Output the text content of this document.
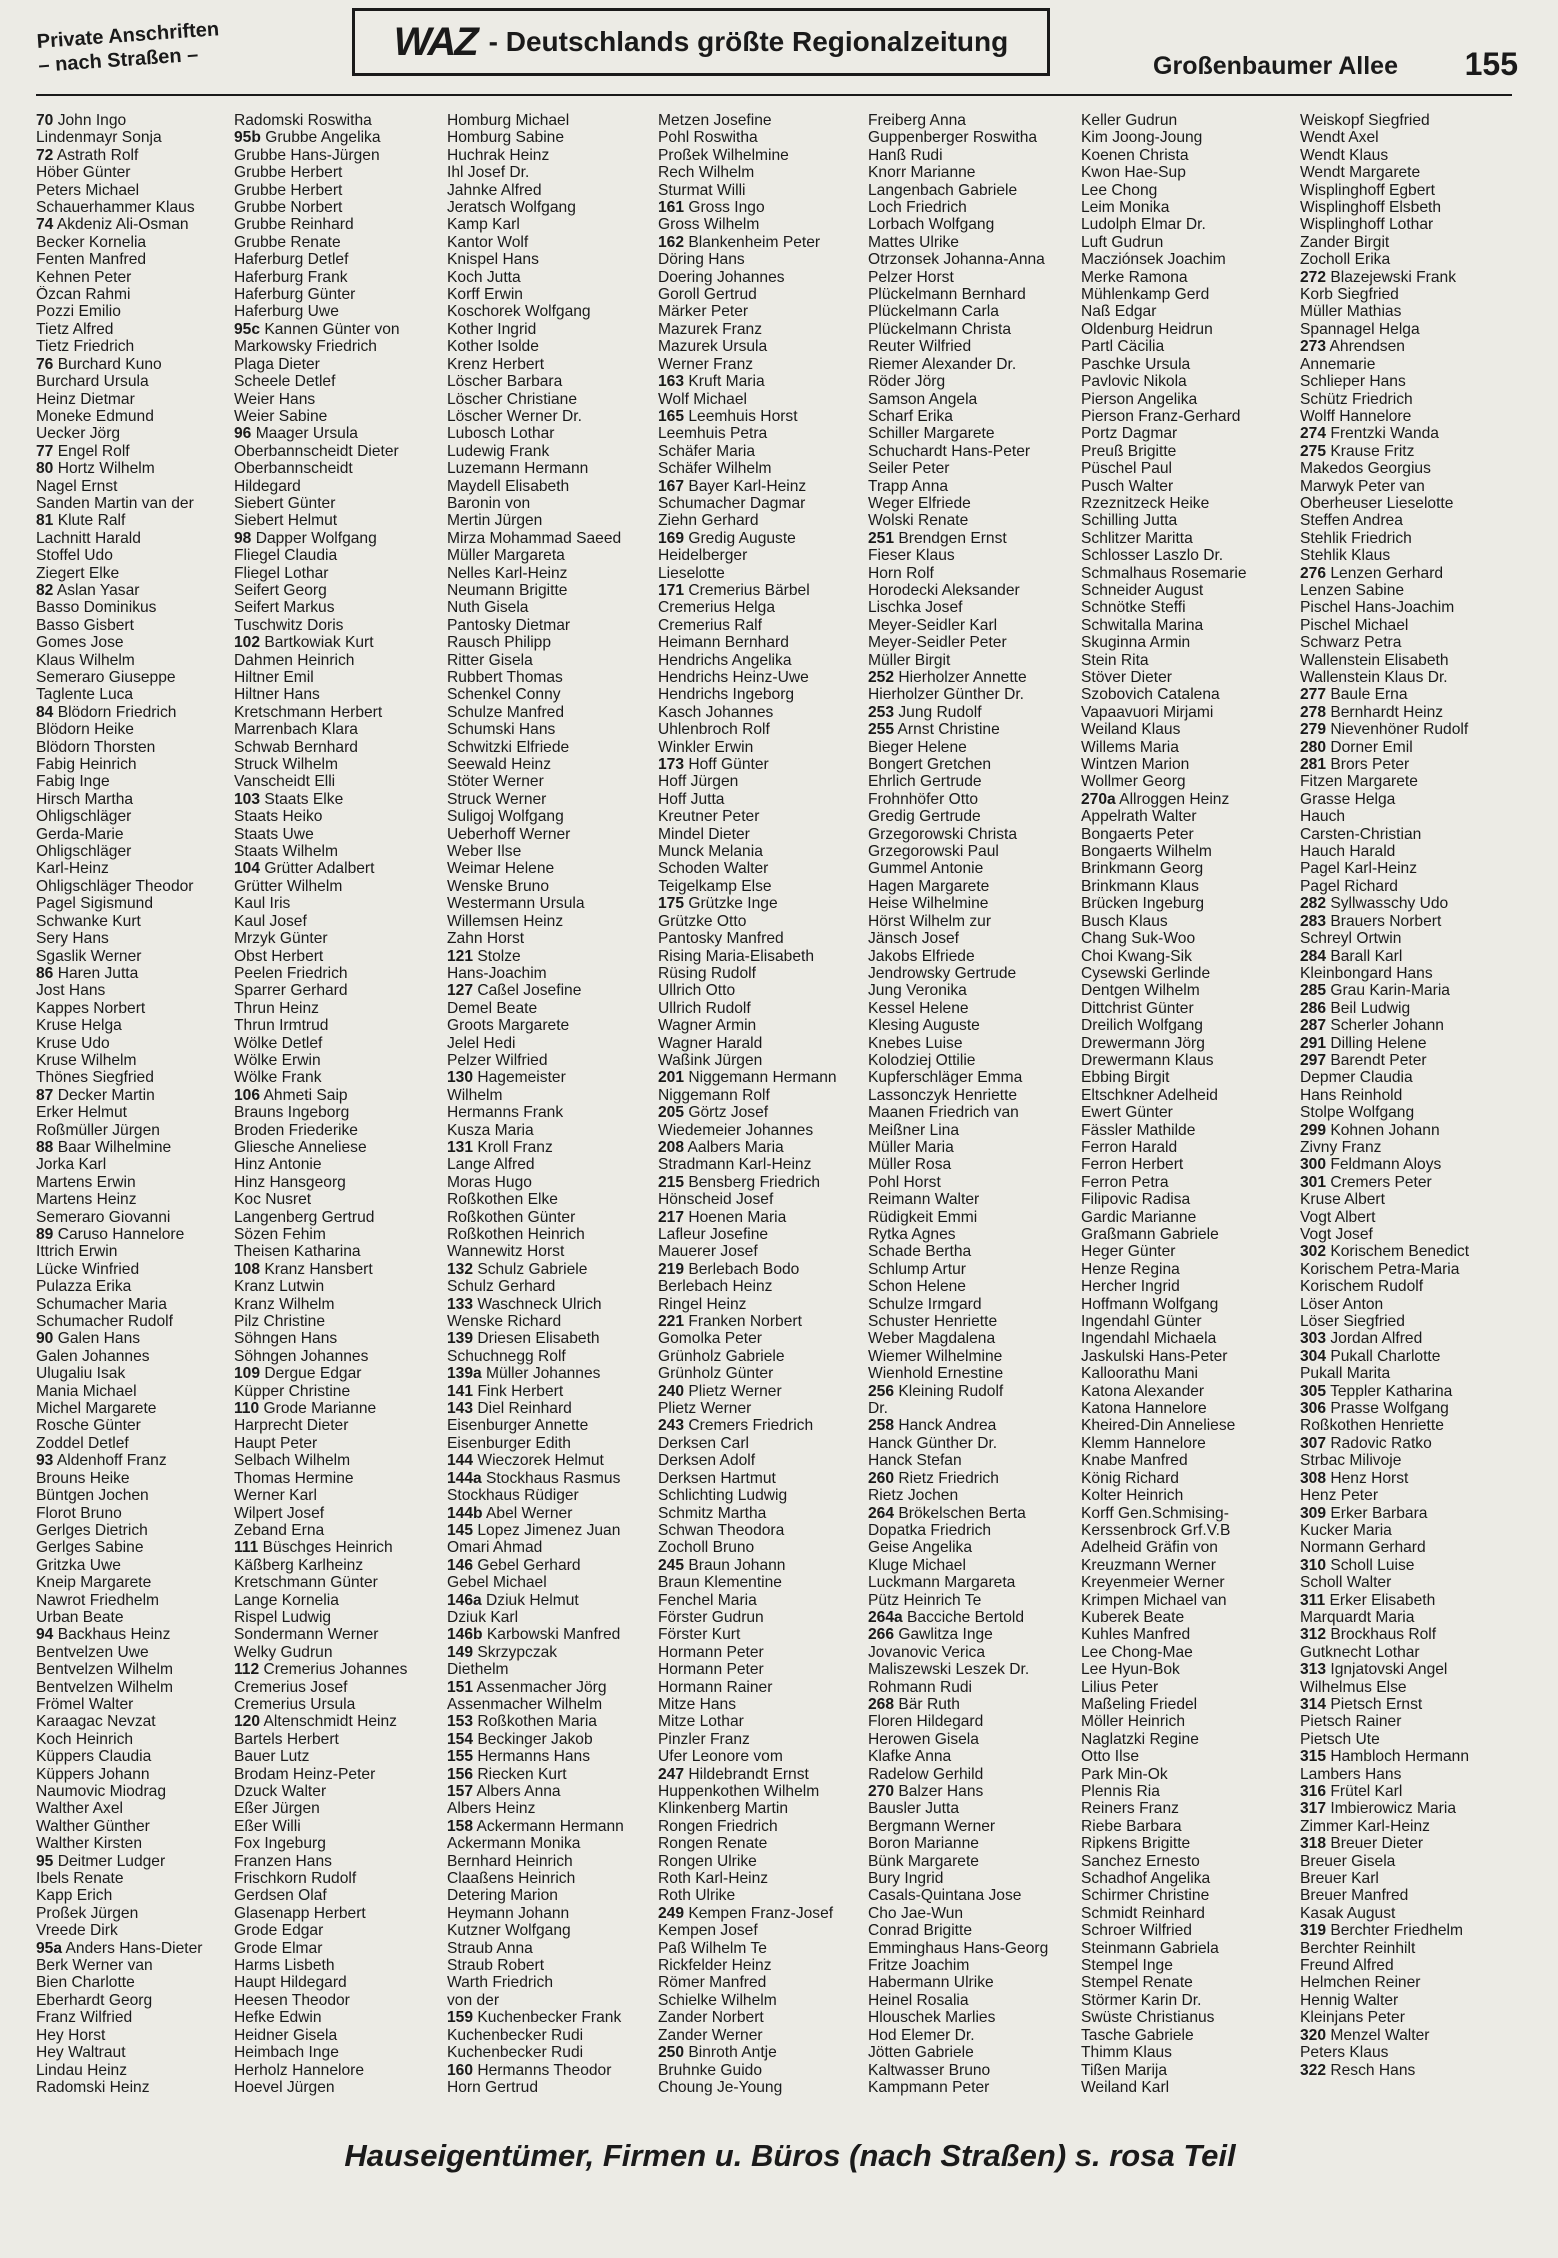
Private Anschriften
– nach Straßen –	WAZ - Deutschlands größte Regionalzeitung
Großenbaumer Allee 155
70 John Ingo
Lindenmayr Sonja
72 Astrath Rolf
Höber Günter
Peters Michael
Schauerhammer Klaus
74 Akdeniz Ali-Osman
Becker Kornelia
Fenten Manfred
Kehnen Peter
Özcan Rahmi
Pozzi Emilio
Tietz Alfred
Tietz Friedrich
76 Burchard Kuno
Burchard Ursula
Heinz Dietmar
Moneke Edmund
Uecker Jörg
77 Engel Rolf
80 Hortz Wilhelm
Nagel Ernst
Sanden Martin van der
81 Klute Ralf
Lachnitt Harald
Stoffel Udo
Ziegert Elke
82 Aslan Yasar
Basso Dominikus
Basso Gisbert
Gomes Jose
Klaus Wilhelm
Semeraro Giuseppe
Taglente Luca
84 Blödorn Friedrich
Blödorn Heike
Blödorn Thorsten
Fabig Heinrich
Fabig Inge
Hirsch Martha
Ohligschläger
Gerda-Marie
Ohligschläger
Karl-Heinz
Ohligschläger Theodor
Pagel Sigismund
Schwanke Kurt
Sery Hans
Sgaslik Werner
86 Haren Jutta
Jost Hans
Kappes Norbert
Kruse Helga
Kruse Udo
Kruse Wilhelm
Thönes Siegfried
87 Decker Martin
Erker Helmut
Roßmüller Jürgen
88 Baar Wilhelmine
Jorka Karl
Martens Erwin
Martens Heinz
Semeraro Giovanni
89 Caruso Hannelore
Ittrich Erwin
Lücke Winfried
Pulazza Erika
Schumacher Maria
Schumacher Rudolf
90 Galen Hans
Galen Johannes
Ulugaliu Isak
Mania Michael
Michel Margarete
Rosche Günter
Zoddel Detlef
93 Aldenhoff Franz
Brouns Heike
Büntgen Jochen
Florot Bruno
Gerlges Dietrich
Gerlges Sabine
Gritzka Uwe
Kneip Margarete
Nawrot Friedhelm
Urban Beate
94 Backhaus Heinz
Bentvelzen Uwe
Bentvelzen Wilhelm
Bentvelzen Wilhelm
Frömel Walter
Karaagac Nevzat
Koch Heinrich
Küppers Claudia
Küppers Johann
Naumovic Miodrag
Walther Axel
Walther Günther
Walther Kirsten
95 Deitmer Ludger
Ibels Renate
Kapp Erich
Proßek Jürgen
Vreede Dirk
95a Anders Hans-Dieter
Berk Werner van
Bien Charlotte
Eberhardt Georg
Franz Wilfried
Hey Horst
Hey Waltraut
Lindau Heinz
Radomski Heinz
Radomski Roswitha
95b Grubbe Angelika
Grubbe Hans-Jürgen
Grubbe Herbert
Grubbe Herbert
Grubbe Norbert
Grubbe Reinhard
Grubbe Renate
Haferburg Detlef
Haferburg Frank
Haferburg Günter
Haferburg Uwe
95c Kannen Günter von
Markowsky Friedrich
Plaga Dieter
Scheele Detlef
Weier Hans
Weier Sabine
96 Maager Ursula
Oberbannscheidt Dieter
Oberbannscheidt
Hildegard
Siebert Günter
Siebert Helmut
98 Dapper Wolfgang
Fliegel Claudia
Fliegel Lothar
Seifert Georg
Seifert Markus
Tuschwitz Doris
102 Bartkowiak Kurt
Dahmen Heinrich
Hiltner Emil
Hiltner Hans
Kretschmann Herbert
Marrenbach Klara
Schwab Bernhard
Struck Wilhelm
Vanscheidt Elli
103 Staats Elke
Staats Heiko
Staats Uwe
Staats Wilhelm
104 Grütter Adalbert
Grütter Wilhelm
Kaul Iris
Kaul Josef
Mrzyk Günter
Obst Herbert
Peelen Friedrich
Sparrer Gerhard
Thrun Heinz
Thrun Irmtrud
Wölke Detlef
Wölke Erwin
Wölke Frank
106 Ahmeti Saip
Brauns Ingeborg
Broden Friederike
Gliesche Anneliese
Hinz Antonie
Hinz Hansgeorg
Koc Nusret
Langenberg Gertrud
Sözen Fehim
Theisen Katharina
108 Kranz Hansbert
Kranz Lutwin
Kranz Wilhelm
Pilz Christine
Söhngen Hans
Söhngen Johannes
109 Dergue Edgar
Küpper Christine
110 Grode Marianne
Harprecht Dieter
Haupt Peter
Selbach Wilhelm
Thomas Hermine
Werner Karl
Wilpert Josef
Zeband Erna
111 Büschges Heinrich
Käßberg Karlheinz
Kretschmann Günter
Lange Kornelia
Rispel Ludwig
Sondermann Werner
Welky Gudrun
112 Cremerius Johannes
Cremerius Josef
Cremerius Ursula
120 Altenschmidt Heinz
Bartels Herbert
Bauer Lutz
Brodam Heinz-Peter
Dzuck Walter
Eßer Jürgen
Eßer Willi
Fox Ingeburg
Franzen Hans
Frischkorn Rudolf
Gerdsen Olaf
Glasenapp Herbert
Grode Edgar
Grode Elmar
Harms Lisbeth
Haupt Hildegard
Heesen Theodor
Hefke Edwin
Heidner Gisela
Heimbach Inge
Herholz Hannelore
Hoevel Jürgen
Homburg Michael
Homburg Sabine
Huchrak Heinz
Ihl Josef Dr.
Jahnke Alfred
Jeratsch Wolfgang
Kamp Karl
Kantor Wolf
Knispel Hans
Koch Jutta
Korff Erwin
Koschorek Wolfgang
Kother Ingrid
Kother Isolde
Krenz Herbert
Löscher Barbara
Löscher Christiane
Löscher Werner Dr.
Lubosch Lothar
Ludewig Frank
Luzemann Hermann
Maydell Elisabeth
Baronin von
Mertin Jürgen
Mirza Mohammad Saeed
Müller Margareta
Nelles Karl-Heinz
Neumann Brigitte
Nuth Gisela
Pantosky Dietmar
Rausch Philipp
Ritter Gisela
Rubbert Thomas
Schenkel Conny
Schulze Manfred
Schumski Hans
Schwitzki Elfriede
Seewald Heinz
Stöter Werner
Struck Werner
Suligoj Wolfgang
Ueberhoff Werner
Weber Ilse
Weimar Helene
Wenske Bruno
Westermann Ursula
Willemsen Heinz
Zahn Horst
121 Stolze
Hans-Joachim
127 Caßel Josefine
Demel Beate
Groots Margarete
Jelel Hedi
Pelzer Wilfried
130 Hagemeister
Wilhelm
Hermanns Frank
Kusza Maria
131 Kroll Franz
Lange Alfred
Moras Hugo
Roßkothen Elke
Roßkothen Günter
Roßkothen Heinrich
Wannewitz Horst
132 Schulz Gabriele
Schulz Gerhard
133 Waschneck Ulrich
Wenske Richard
139 Driesen Elisabeth
Schuchnegg Rolf
139a Müller Johannes
141 Fink Herbert
143 Diel Reinhard
Eisenburger Annette
Eisenburger Edith
144 Wieczorek Helmut
144a Stockhaus Rasmus
Stockhaus Rüdiger
144b Abel Werner
145 Lopez Jimenez Juan
Omari Ahmad
146 Gebel Gerhard
Gebel Michael
146a Dziuk Helmut
Dziuk Karl
146b Karbowski Manfred
149 Skrzypczak
Diethelm
151 Assenmacher Jörg
Assenmacher Wilhelm
153 Roßkothen Maria
154 Beckinger Jakob
155 Hermanns Hans
156 Riecken Kurt
157 Albers Anna
Albers Heinz
158 Ackermann Hermann
Ackermann Monika
Bernhard Heinrich
Claaßens Heinrich
Detering Marion
Heymann Johann
Kutzner Wolfgang
Straub Anna
Straub Robert
Warth Friedrich
von der
159 Kuchenbecker Frank
Kuchenbecker Rudi
Kuchenbecker Rudi
160 Hermanns Theodor
Horn Gertrud
Metzen Josefine
Pohl Roswitha
Proßek Wilhelmine
Rech Wilhelm
Sturmat Willi
161 Gross Ingo
Gross Wilhelm
162 Blankenheim Peter
Döring Hans
Doering Johannes
Goroll Gertrud
Märker Peter
Mazurek Franz
Mazurek Ursula
Werner Franz
163 Kruft Maria
Wolf Michael
165 Leemhuis Horst
Leemhuis Petra
Schäfer Maria
Schäfer Wilhelm
167 Bayer Karl-Heinz
Schumacher Dagmar
Ziehn Gerhard
169 Gredig Auguste
Heidelberger
Lieselotte
171 Cremerius Bärbel
Cremerius Helga
Cremerius Ralf
Heimann Bernhard
Hendrichs Angelika
Hendrichs Heinz-Uwe
Hendrichs Ingeborg
Kasch Johannes
Uhlenbroch Rolf
Winkler Erwin
173 Hoff Günter
Hoff Jürgen
Hoff Jutta
Kreutner Peter
Mindel Dieter
Munck Melania
Schoden Walter
Teigelkamp Else
175 Grützke Inge
Grützke Otto
Pantosky Manfred
Rising Maria-Elisabeth
Rüsing Rudolf
Ullrich Otto
Ullrich Rudolf
Wagner Armin
Wagner Harald
Waßink Jürgen
201 Niggemann Hermann
Niggemann Rolf
205 Görtz Josef
Wiedemeier Johannes
208 Aalbers Maria
Stradmann Karl-Heinz
215 Bensberg Friedrich
Hönscheid Josef
217 Hoenen Maria
Lafleur Josefine
Mauerer Josef
219 Berlebach Bodo
Berlebach Heinz
Ringel Heinz
221 Franken Norbert
Gomolka Peter
Grünholz Gabriele
Grünholz Günter
240 Plietz Werner
Plietz Werner
243 Cremers Friedrich
Derksen Carl
Derksen Adolf
Derksen Hartmut
Schlichting Ludwig
Schmitz Martha
Schwan Theodora
Zocholl Bruno
245 Braun Johann
Braun Klementine
Fenchel Maria
Förster Gudrun
Förster Kurt
Hormann Peter
Hormann Peter
Hormann Rainer
Mitze Hans
Mitze Lothar
Pinzler Franz
Ufer Leonore vom
247 Hildebrandt Ernst
Huppenkothen Wilhelm
Klinkenberg Martin
Rongen Friedrich
Rongen Renate
Rongen Ulrike
Roth Karl-Heinz
Roth Ulrike
249 Kempen Franz-Josef
Kempen Josef
Paß Wilhelm Te
Rickfelder Heinz
Römer Manfred
Schielke Wilhelm
Zander Norbert
Zander Werner
250 Binroth Antje
Bruhnke Guido
Choung Je-Young
Freiberg Anna
Guppenberger Roswitha
Hanß Rudi
Knorr Marianne
Langenbach Gabriele
Loch Friedrich
Lorbach Wolfgang
Mattes Ulrike
Otrzonsek Johanna-Anna
Pelzer Horst
Plückelmann Bernhard
Plückelmann Carla
Plückelmann Christa
Reuter Wilfried
Riemer Alexander Dr.
Röder Jörg
Samson Angela
Scharf Erika
Schiller Margarete
Schuchardt Hans-Peter
Seiler Peter
Trapp Anna
Weger Elfriede
Wolski Renate
251 Brendgen Ernst
Fieser Klaus
Horn Rolf
Horodecki Aleksander
Lischka Josef
Meyer-Seidler Karl
Meyer-Seidler Peter
Müller Birgit
252 Hierholzer Annette
Hierholzer Günther Dr.
253 Jung Rudolf
255 Arnst Christine
Bieger Helene
Bongert Gretchen
Ehrlich Gertrude
Frohnhöfer Otto
Gredig Gertrude
Grzegorowski Christa
Grzegorowski Paul
Gummel Antonie
Hagen Margarete
Heise Wilhelmine
Hörst Wilhelm zur
Jänsch Josef
Jakobs Elfriede
Jendrowsky Gertrude
Jung Veronika
Kessel Helene
Klesing Auguste
Knebes Luise
Kolodziej Ottilie
Kupferschläger Emma
Lassonczyk Henriette
Maanen Friedrich van
Meißner Lina
Müller Maria
Müller Rosa
Pohl Horst
Reimann Walter
Rüdigkeit Emmi
Rytka Agnes
Schade Bertha
Schlump Artur
Schon Helene
Schulze Irmgard
Schuster Henriette
Weber Magdalena
Wiemer Wilhelmine
Wienhold Ernestine
256 Kleining Rudolf
Dr.
258 Hanck Andrea
Hanck Günther Dr.
Hanck Stefan
260 Rietz Friedrich
Rietz Jochen
264 Brökelschen Berta
Dopatka Friedrich
Geise Angelika
Kluge Michael
Luckmann Margareta
Pütz Heinrich Te
264a Bacciche Bertold
266 Gawlitza Inge
Jovanovic Verica
Maliszewski Leszek Dr.
Rohmann Rudi
268 Bär Ruth
Floren Hildegard
Herowen Gisela
Klafke Anna
Radelow Gerhild
270 Balzer Hans
Bausler Jutta
Bergmann Werner
Boron Marianne
Bünk Margarete
Bury Ingrid
Casals-Quintana Jose
Cho Jae-Wun
Conrad Brigitte
Emminghaus Hans-Georg
Fritze Joachim
Habermann Ulrike
Heinel Rosalia
Hlouschek Marlies
Hod Elemer Dr.
Jötten Gabriele
Kaltwasser Bruno
Kampmann Peter
Keller Gudrun
Kim Joong-Joung
Koenen Christa
Kwon Hae-Sup
Lee Chong
Leim Monika
Ludolph Elmar Dr.
Luft Gudrun
Macziónsek Joachim
Merke Ramona
Mühlenkamp Gerd
Naß Edgar
Oldenburg Heidrun
Partl Cäcilia
Paschke Ursula
Pavlovic Nikola
Pierson Angelika
Pierson Franz-Gerhard
Portz Dagmar
Preuß Brigitte
Püschel Paul
Pusch Walter
Rzeznitzeck Heike
Schilling Jutta
Schlitzer Maritta
Schlosser Laszlo Dr.
Schmalhaus Rosemarie
Schneider August
Schnötke Steffi
Schwitalla Marina
Skuginna Armin
Stein Rita
Stöver Dieter
Szobovich Catalena
Vapaavuori Mirjami
Weiland Klaus
Willems Maria
Wintzen Marion
Wollmer Georg
270a Allroggen Heinz
Appelrath Walter
Bongaerts Peter
Bongaerts Wilhelm
Brinkmann Georg
Brinkmann Klaus
Brücken Ingeburg
Busch Klaus
Chang Suk-Woo
Choi Kwang-Sik
Cysewski Gerlinde
Dentgen Wilhelm
Dittchrist Günter
Dreilich Wolfgang
Drewermann Jörg
Drewermann Klaus
Ebbing Birgit
Eltschkner Adelheid
Ewert Günter
Fässler Mathilde
Ferron Harald
Ferron Herbert
Ferron Petra
Filipovic Radisa
Gardic Marianne
Graßmann Gabriele
Heger Günter
Henze Regina
Hercher Ingrid
Hoffmann Wolfgang
Ingendahl Günter
Ingendahl Michaela
Jaskulski Hans-Peter
Kalloorathu Mani
Katona Alexander
Katona Hannelore
Kheired-Din Anneliese
Klemm Hannelore
Knabe Manfred
König Richard
Kolter Heinrich
Korff Gen.Schmising-
Kerssenbrock Grf.V.B
Adelheid Gräfin von
Kreuzmann Werner
Kreyenmeier Werner
Krimpen Michael van
Kuberek Beate
Kuhles Manfred
Lee Chong-Mae
Lee Hyun-Bok
Lilius Peter
Maßeling Friedel
Möller Heinrich
Naglatzki Regine
Otto Ilse
Park Min-Ok
Plennis Ria
Reiners Franz
Riebe Barbara
Ripkens Brigitte
Sanchez Ernesto
Schadhof Angelika
Schirmer Christine
Schmidt Reinhard
Schroer Wilfried
Steinmann Gabriela
Stempel Inge
Stempel Renate
Störmer Karin Dr.
Swüste Christianus
Tasche Gabriele
Thimm Klaus
Tißen Marija
Weiland Karl
Weiskopf Siegfried
Wendt Axel
Wendt Klaus
Wendt Margarete
Wisplinghoff Egbert
Wisplinghoff Elsbeth
Wisplinghoff Lothar
Zander Birgit
Zocholl Erika
272 Blazejewski Frank
Korb Siegfried
Müller Mathias
Spannagel Helga
273 Ahrendsen
Annemarie
Schlieper Hans
Schütz Friedrich
Wolff Hannelore
274 Frentzki Wanda
275 Krause Fritz
Makedos Georgius
Marwyk Peter van
Oberheuser Lieselotte
Steffen Andrea
Stehlik Friedrich
Stehlik Klaus
276 Lenzen Gerhard
Lenzen Sabine
Pischel Hans-Joachim
Pischel Michael
Schwarz Petra
Wallenstein Elisabeth
Wallenstein Klaus Dr.
277 Baule Erna
278 Bernhardt Heinz
279 Nievenhöner Rudolf
280 Dorner Emil
281 Brors Peter
Fitzen Margarete
Grasse Helga
Hauch
Carsten-Christian
Hauch Harald
Pagel Karl-Heinz
Pagel Richard
282 Syllwasschy Udo
283 Brauers Norbert
Schreyl Ortwin
284 Barall Karl
Kleinbongard Hans
285 Grau Karin-Maria
286 Beil Ludwig
287 Scherler Johann
291 Dilling Helene
297 Barendt Peter
Depmer Claudia
Hans Reinhold
Stolpe Wolfgang
299 Kohnen Johann
Zivny Franz
300 Feldmann Aloys
301 Cremers Peter
Kruse Albert
Vogt Albert
Vogt Josef
302 Korischem Benedict
Korischem Petra-Maria
Korischem Rudolf
Löser Anton
Löser Siegfried
303 Jordan Alfred
304 Pukall Charlotte
Pukall Marita
305 Teppler Katharina
306 Prasse Wolfgang
Roßkothen Henriette
307 Radovic Ratko
Strbac Milivoje
308 Henz Horst
Henz Peter
309 Erker Barbara
Kucker Maria
Normann Gerhard
310 Scholl Luise
Scholl Walter
311 Erker Elisabeth
Marquardt Maria
312 Brockhaus Rolf
Gutknecht Lothar
313 Ignjatovski Angel
Wilhelmus Else
314 Pietsch Ernst
Pietsch Rainer
Pietsch Ute
315 Hambloch Hermann
Lambers Hans
316 Frütel Karl
317 Imbierowicz Maria
Zimmer Karl-Heinz
318 Breuer Dieter
Breuer Gisela
Breuer Karl
Breuer Manfred
Kasak August
319 Berchter Friedhelm
Berchter Reinhilt
Freund Alfred
Helmchen Reiner
Hennig Walter
Kleinjans Peter
320 Menzel Walter
Peters Klaus
322 Resch Hans
Hauseigentümer, Firmen u. Büros (nach Straßen) s. rosa Teil
